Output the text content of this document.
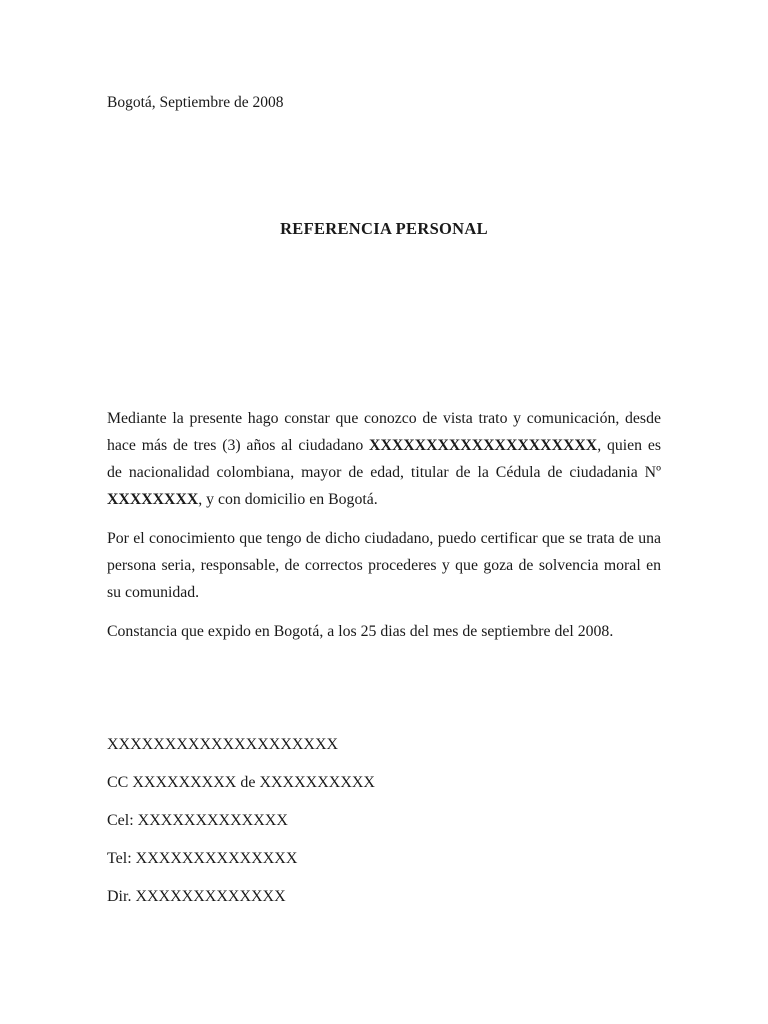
Bogotá, Septiembre de 2008

REFERENCIA PERSONAL

Mediante la presente hago constar que conozco de vista trato y comunicación, desde hace más de tres (3) años al ciudadano XXXXXXXXXXXXXXXXXXXX, quien es de nacionalidad colombiana, mayor de edad, titular de la Cédula de ciudadania Nº XXXXXXXX, y con domicilio en Bogotá.

Por el conocimiento que tengo de dicho ciudadano, puedo certificar que se trata de una persona seria, responsable, de correctos procederes y que goza de solvencia moral en su comunidad.

Constancia que expido en Bogotá, a los 25 dias del mes de septiembre del 2008.

XXXXXXXXXXXXXXXXXXXX

CC XXXXXXXXX de XXXXXXXXXX

Cel: XXXXXXXXXXXXX

Tel: XXXXXXXXXXXXXX

Dir. XXXXXXXXXXXXX
